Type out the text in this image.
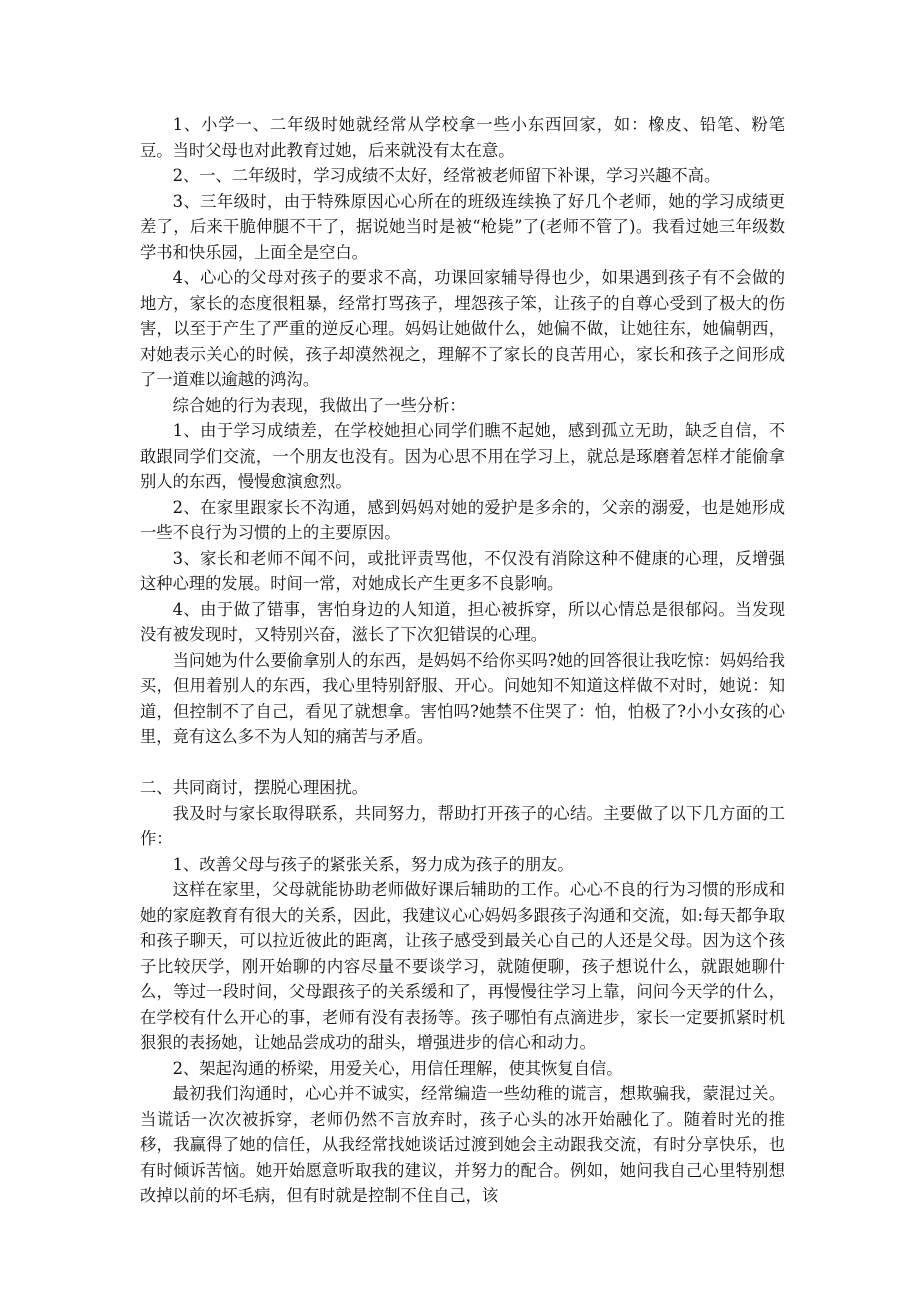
1、小学一、二年级时她就经常从学校拿一些小东西回家，如：橡皮、铅笔、粉笔豆。当时父母也对此教育过她，后来就没有太在意。

2、一、二年级时，学习成绩不太好，经常被老师留下补课，学习兴趣不高。

3、三年级时，由于特殊原因心心所在的班级连续换了好几个老师，她的学习成绩更差了，后来干脆伸腿不干了，据说她当时是被“枪毙”了(老师不管了)。我看过她三年级数学书和快乐园，上面全是空白。

4、心心的父母对孩子的要求不高，功课回家辅导得也少，如果遇到孩子有不会做的地方，家长的态度很粗暴，经常打骂孩子，埋怨孩子笨，让孩子的自尊心受到了极大的伤害，以至于产生了严重的逆反心理。妈妈让她做什么，她偏不做，让她往东，她偏朝西，对她表示关心的时候，孩子却漠然视之，理解不了家长的良苦用心，家长和孩子之间形成了一道难以逾越的鸿沟。

综合她的行为表现，我做出了一些分析：

1、由于学习成绩差，在学校她担心同学们瞧不起她，感到孤立无助，缺乏自信，不敢跟同学们交流，一个朋友也没有。因为心思不用在学习上，就总是琢磨着怎样才能偷拿别人的东西，慢慢愈演愈烈。

2、在家里跟家长不沟通，感到妈妈对她的爱护是多余的，父亲的溺爱，也是她形成一些不良行为习惯的上的主要原因。

3、家长和老师不闻不问，或批评责骂他，不仅没有消除这种不健康的心理，反增强这种心理的发展。时间一常，对她成长产生更多不良影响。

4、由于做了错事，害怕身边的人知道，担心被拆穿，所以心情总是很郁闷。当发现没有被发现时，又特别兴奋，滋长了下次犯错误的心理。

当问她为什么要偷拿别人的东西，是妈妈不给你买吗?她的回答很让我吃惊：妈妈给我买，但用着别人的东西，我心里特别舒服、开心。问她知不知道这样做不对时，她说：知道，但控制不了自己，看见了就想拿。害怕吗?她禁不住哭了：怕，怕极了?小小女孩的心里，竟有这么多不为人知的痛苦与矛盾。

二、共同商讨，摆脱心理困扰。

我及时与家长取得联系，共同努力，帮助打开孩子的心结。主要做了以下几方面的工作：

1、改善父母与孩子的紧张关系，努力成为孩子的朋友。

这样在家里，父母就能协助老师做好课后辅助的工作。心心不良的行为习惯的形成和她的家庭教育有很大的关系，因此，我建议心心妈妈多跟孩子沟通和交流，如:每天都争取和孩子聊天，可以拉近彼此的距离，让孩子感受到最关心自己的人还是父母。因为这个孩子比较厌学，刚开始聊的内容尽量不要谈学习，就随便聊，孩子想说什么，就跟她聊什么，等过一段时间，父母跟孩子的关系缓和了，再慢慢往学习上靠，问问今天学的什么，在学校有什么开心的事，老师有没有表扬等。孩子哪怕有点滴进步，家长一定要抓紧时机狠狠的表扬她，让她品尝成功的甜头，增强进步的信心和动力。

2、架起沟通的桥梁，用爱关心，用信任理解，使其恢复自信。

最初我们沟通时，心心并不诚实，经常编造一些幼稚的谎言，想欺骗我，蒙混过关。当谎话一次次被拆穿，老师仍然不言放弃时，孩子心头的冰开始融化了。随着时光的推移，我赢得了她的信任，从我经常找她谈话过渡到她会主动跟我交流，有时分享快乐，也有时倾诉苦恼。她开始愿意听取我的建议，并努力的配合。例如，她问我自己心里特别想改掉以前的坏毛病，但有时就是控制不住自己，该
